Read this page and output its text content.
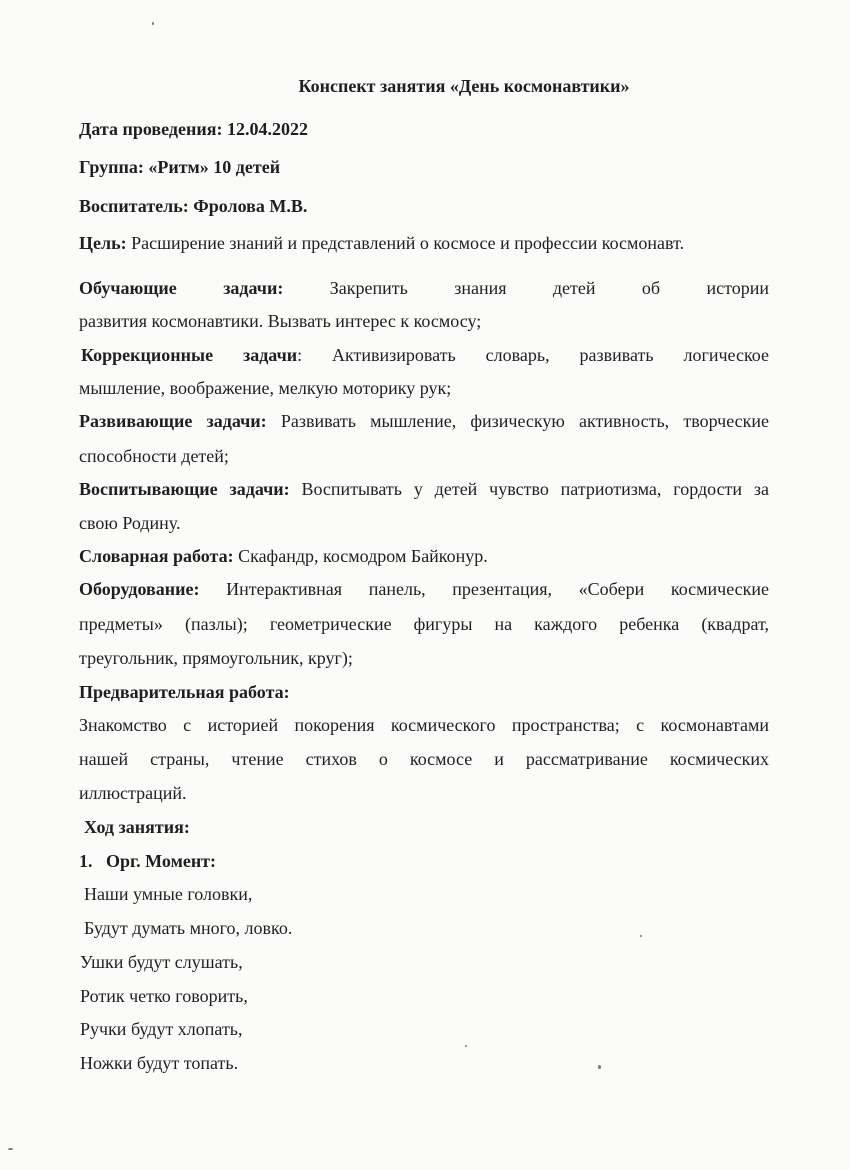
Конспект занятия «День космонавтики»
Дата проведения: 12.04.2022
Группа: «Ритм» 10 детей
Воспитатель: Фролова М.В.
Цель: Расширение знаний и представлений о космосе и профессии космонавт.
Обучающие	задачи:	Закрепить знания детей об истории
развития космонавтики. Вызвать интерес к космосу;
Коррекционные задачи: Активизировать словарь, развивать логическое
мышление, воображение, мелкую моторику рук;
Развивающие задачи: Развивать мышление, физическую активность, творческие
способности детей;
Воспитывающие задачи: Воспитывать у детей чувство патриотизма, гордости за
свою Родину.
Словарная работа: Скафандр, космодром Байконур.
Оборудование: Интерактивная панель, презентация, «Собери космические
предметы» (пазлы); геометрические фигуры на каждого ребенка (квадрат,
треугольник, прямоугольник, круг);
Предварительная работа:
Знакомство с историей покорения космического пространства; с космонавтами
нашей страны, чтение стихов о космосе и рассматривание космических
иллюстраций.
Ход занятия:
1.   Орг. Момент:
Наши умные головки,
Будут думать много, ловко.
Ушки будут слушать,
Ротик четко говорить,
Ручки будут хлопать,
Ножки будут топать.
